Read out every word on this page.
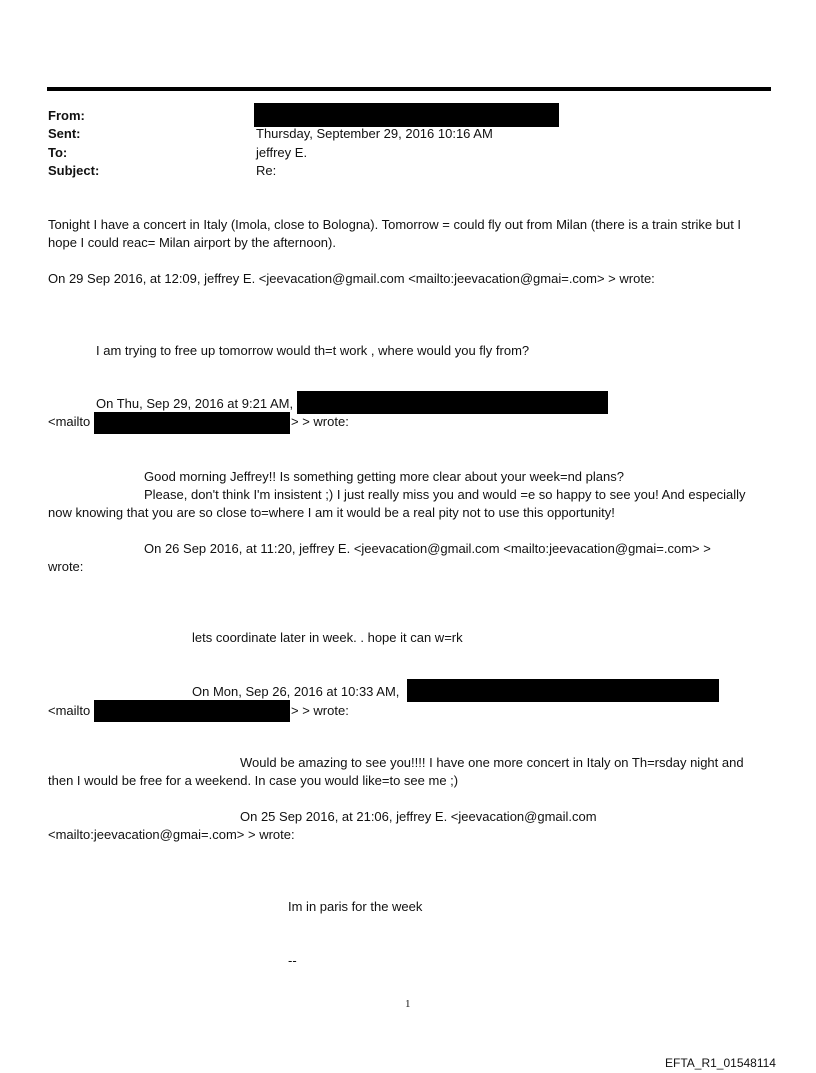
From:
Sent:	Thursday, September 29, 2016 10:16 AM
To:	jeffrey E.
Subject:	Re:
Tonight I have a concert in Italy (Imola, close to Bologna). Tomorrow = could fly out from Milan (there is a train strike but I hope I could reac= Milan airport by the afternoon).
On 29 Sep 2016, at 12:09, jeffrey E. <jeevacation@gmail.com <mailto:jeevacation@gmai=.com> > wrote:
I am trying to free up tomorrow would th=t work , where would you fly from?
On Thu, Sep 29, 2016 at 9:21 AM,
<mailto	> > wrote:
Good morning Jeffrey!! Is something getting more clear about your week=nd plans?
Please, don't think I'm insistent ;) I just really miss you and would =e so happy to see you! And especially
now knowing that you are so close to=where I am it would be a real pity not to use this opportunity!
On 26 Sep 2016, at 11:20, jeffrey E. <jeevacation@gmail.com <mailto:jeevacation@gmai=.com> >
wrote:
lets coordinate later in week. . hope it can w=rk
On Mon, Sep 26, 2016 at 10:33 AM,
<mailto	> > wrote:
Would be amazing to see you!!!! I have one more concert in Italy on Th=rsday night and
then I would be free for a weekend. In case you would like=to see me ;)
On 25 Sep 2016, at 21:06, jeffrey E. <jeevacation@gmail.com
<mailto:jeevacation@gmai=.com> > wrote:
Im in paris for the week
--
1
EFTA_R1_01548114
